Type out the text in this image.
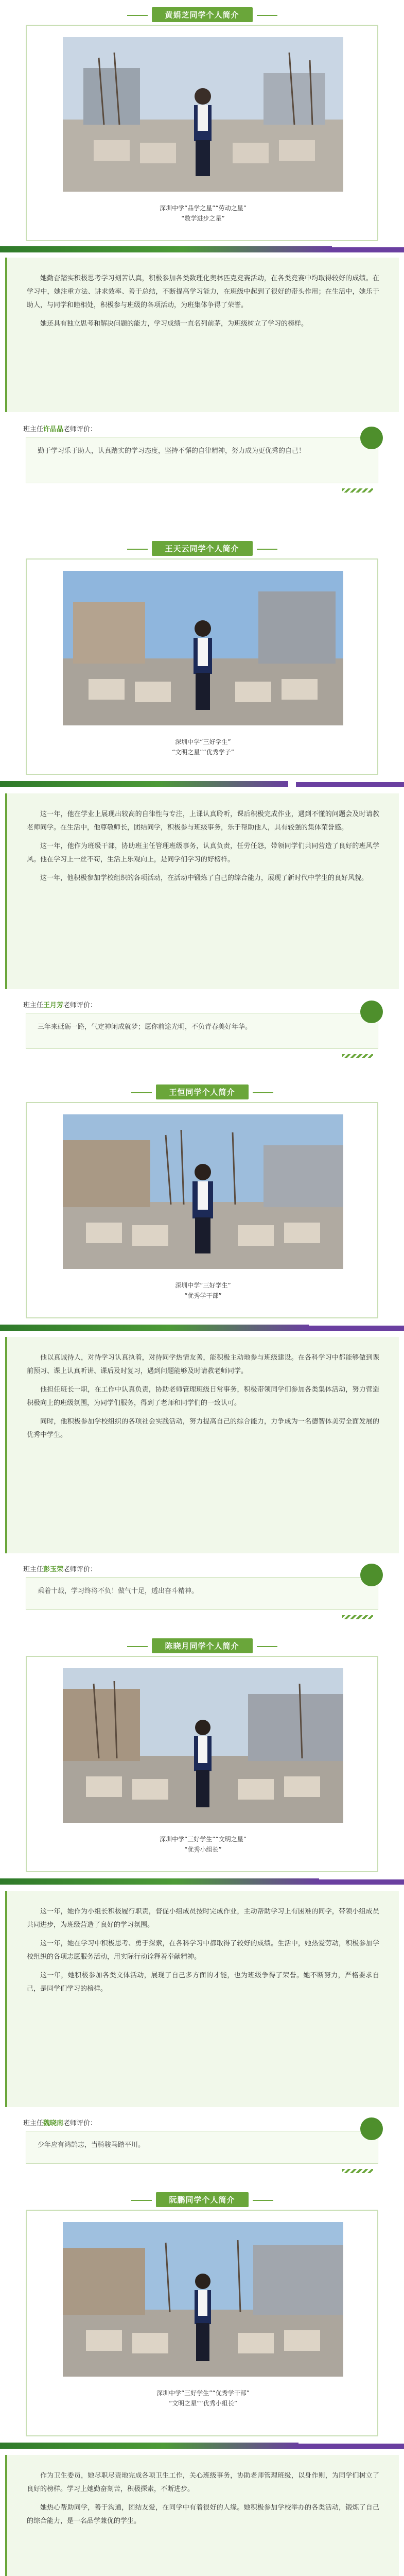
黄娟芝同学个人简介
深圳中学“品学之星”“劳动之星”
“数学进步之星”

她勤奋踏实积极思考学习刻苦认真，积极参加各类数理化奥林匹克竞赛活动，在各类竞赛中均取得较好的成绩。在学习中，她注重方法、讲求效率、善于总结，不断提高学习能力，在班级中起到了很好的带头作用；在生活中，她乐于助人，与同学和睦相处，积极参与班级的各项活动，为班集体争得了荣誉。

她还具有独立思考和解决问题的能力，学习成绩一直名列前茅，为班级树立了学习的榜样。

班主任许晶晶老师评价：
勤于学习乐于助人，认真踏实的学习态度，坚持不懈的自律精神，努力成为更优秀的自己！
王天云同学个人简介
深圳中学“三好学生”
“文明之星”“优秀学子”

这一年，他在学业上展现出较高的自律性与专注，上课认真聆听，课后积极完成作业，遇到不懂的问题会及时请教老师同学。在生活中，他尊敬师长，团结同学，积极参与班级事务，乐于帮助他人，具有较强的集体荣誉感。

这一年，他作为班级干部，协助班主任管理班级事务，认真负责，任劳任怨，带领同学们共同营造了良好的班风学风。他在学习上一丝不苟，生活上乐观向上，是同学们学习的好榜样。

这一年，他积极参加学校组织的各项活动，在活动中锻炼了自己的综合能力，展现了新时代中学生的良好风貌。

班主任王月芳老师评价：
三年来砥砺一路，气定神闲成就梦；愿你前途光明，不负青春美好年华。
王恒同学个人简介
深圳中学“三好学生”
“优秀学干部”

他以真诚待人，对待学习认真执着，对待同学热情友善，能积极主动地参与班级建设。在各科学习中都能够做到课前预习、课上认真听讲、课后及时复习，遇到问题能够及时请教老师同学。

他担任班长一职，在工作中认真负责，协助老师管理班级日常事务，积极带领同学们参加各类集体活动，努力营造积极向上的班级氛围，为同学们服务，得到了老师和同学们的一致认可。

同时，他积极参加学校组织的各项社会实践活动，努力提高自己的综合能力，力争成为一名德智体美劳全面发展的优秀中学生。

班主任彭玉荣老师评价：
乘着十载，学习终将不负！做气十足，透出奋斗精神。
陈晓月同学个人简介
深圳中学“三好学生”“文明之星”
“优秀小组长”

这一年，她作为小组长积极履行职责，督促小组成员按时完成作业，主动帮助学习上有困难的同学，带领小组成员共同进步，为班级营造了良好的学习氛围。

这一年，她在学习中积极思考、勇于探索，在各科学习中都取得了较好的成绩。生活中，她热爱劳动，积极参加学校组织的各项志愿服务活动，用实际行动诠释着奉献精神。

这一年，她积极参加各类文体活动，展现了自己多方面的才能，也为班级争得了荣誉。她不断努力，严格要求自己，是同学们学习的榜样。

班主任魏晓南老师评价：
少年应有鸿鹄志，当骑骏马踏平川。
阮鹏同学个人简介
深圳中学“三好学生”“优秀学干部”
“文明之星”“优秀小组长”

作为卫生委员，她尽职尽责地完成各项卫生工作，关心班级事务，协助老师管理班级，以身作则，为同学们树立了良好的榜样。学习上她勤奋刻苦，积极探索，不断进步。

她热心帮助同学，善于沟通，团结友爱，在同学中有着很好的人缘。她积极参加学校举办的各类活动，锻炼了自己的综合能力，是一名品学兼优的学生。
